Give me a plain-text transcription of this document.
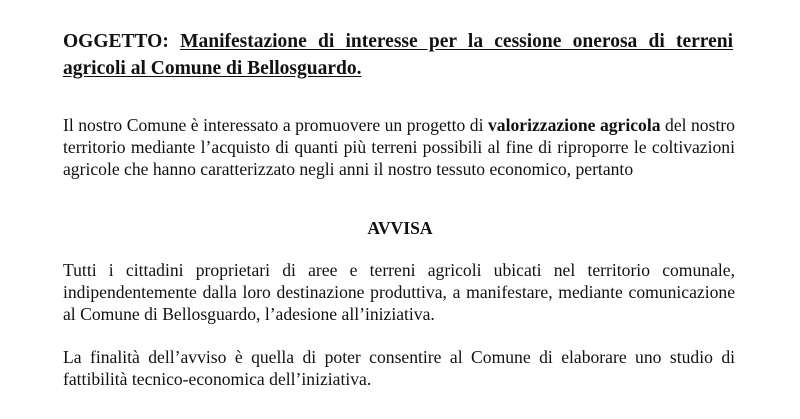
OGGETTO: Manifestazione di interesse per la cessione onerosa di terreni agricoli al Comune di Bellosguardo.
Il nostro Comune è interessato a promuovere un progetto di valorizzazione agricola del nostro territorio mediante l’acquisto di quanti più terreni possibili al fine di riproporre le coltivazioni agricole che hanno caratterizzato negli anni il nostro tessuto economico, pertanto
AVVISA
Tutti i cittadini proprietari di aree e terreni agricoli ubicati nel territorio comunale, indipendentemente dalla loro destinazione produttiva, a manifestare, mediante comunicazione al Comune di Bellosguardo, l’adesione all’iniziativa.
La finalità dell’avviso è quella di poter consentire al Comune di elaborare uno studio di fattibilità tecnico-economica dell’iniziativa.
